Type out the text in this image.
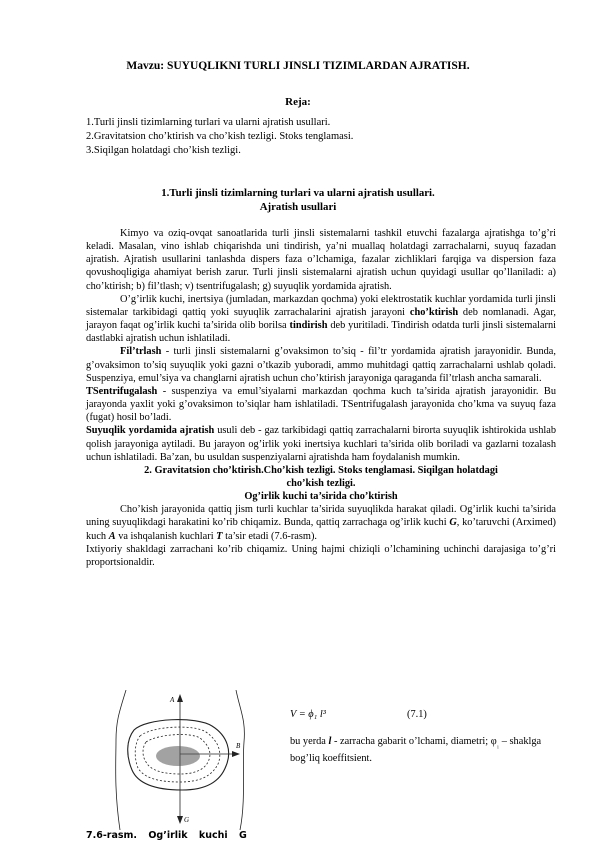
Mavzu: SUYUQLIKNI TURLI JINSLI TIZIMLARDAN AJRATISH.
Reja:
1.Turli jinsli tizimlarning turlari va ularni ajratish usullari.
2.Gravitatsion cho’ktirish va cho’kish tezligi. Stoks tenglamasi.
3.Siqilgan holatdagi cho’kish tezligi.
1.Turli jinsli tizimlarning turlari va ularni ajratish usullari.
Ajratish usullari

Kimyo va oziq-ovqat sanoatlarida turli jinsli sistemalarni tashkil etuvchi fazalarga ajratishga to’g’ri keladi. Masalan, vino ishlab chiqarishda uni tindirish, ya’ni muallaq holatdagi zarrachalarni, suyuq fazadan ajratish. Ajratish usullarini tanlashda dispers faza o’lchamiga, fazalar zichliklari farqiga va dispersion faza qovushoqligiga ahamiyat berish zarur. Turli jinsli sistemalarni ajratish uchun quyidagi usullar qo’llaniladi: a) cho’ktirish; b) fil’tlash; v) tsentrifugalash; g) suyuqlik yordamida ajratish.

O’g’irlik kuchi, inertsiya (jumladan, markazdan qochma) yoki elektrostatik kuchlar yordamida turli jinsli sistemalar tarkibidagi qattiq yoki suyuqlik zarrachalarini ajratish jarayoni cho’ktirish deb nomlanadi. Agar, jarayon faqat og’irlik kuchi ta’sirida olib borilsa tindirish deb yuritiladi. Tindirish odatda turli jinsli sistemalarni dastlabki ajratish uchun ishlatiladi.

Fil’trlash - turli jinsli sistemalarni g’ovaksimon to’siq - fil’tr yordamida ajratish jarayonidir. Bunda, g’ovaksimon to’siq suyuqlik yoki gazni o’tkazib yuboradi, ammo muhitdagi qattiq zarrachalarni ushlab qoladi. Suspenziya, emul’siya va changlarni ajratish uchun cho’ktirish jarayoniga qaraganda fil’trlash ancha samarali.

TSentrifugalash - suspenziya va emul’siyalarni markazdan qochma kuch ta’sirida ajratish jarayonidir. Bu jarayonda yaxlit yoki g’ovaksimon to’siqlar ham ishlatiladi. TSentrifugalash jarayonida cho’kma va suyuq faza (fugat) hosil bo’ladi.

Suyuqlik yordamida ajratish usuli deb - gaz tarkibidagi qattiq zarrachalarni birorta suyuqlik ishtirokida ushlab qolish jarayoniga aytiladi. Bu jarayon og’irlik yoki inertsiya kuchlari ta’sirida olib boriladi va gazlarni tozalash uchun ishlatiladi. Ba’zan, bu usuldan suspenziyalarni ajratishda ham foydalanish mumkin.

2. Gravitatsion cho’ktirish.Cho’kish tezligi. Stoks tenglamasi. Siqilgan holatdagi
cho’kish tezligi.
Og’irlik kuchi ta’sirida cho’ktirish

Cho’kish jarayonida qattiq jism turli kuchlar ta’sirida suyuqlikda harakat qiladi. Og’irlik kuchi ta’sirida uning suyuqlikdagi harakatini ko’rib chiqamiz. Bunda, qattiq zarrachaga og’irlik kuchi G, ko’taruvchi (Arximed) kuch A va ishqalanish kuchlari T ta’sir etadi (7.6-rasm).

Ixtiyoriy shakldagi zarrachani ko’rib chiqamiz. Uning hajmi chiziqli o’lchamining uchinchi darajasiga to’g’ri proportsionaldir.

A
B
G
V = ϕ₁ l³	(7.1)

bu yerda l - zarracha gabarit o’lchami, diametri; $\varphi_{_1}$ – shaklga bog’liq koeffitsient.

7.6-rasm. Og’irlik kuchi G
